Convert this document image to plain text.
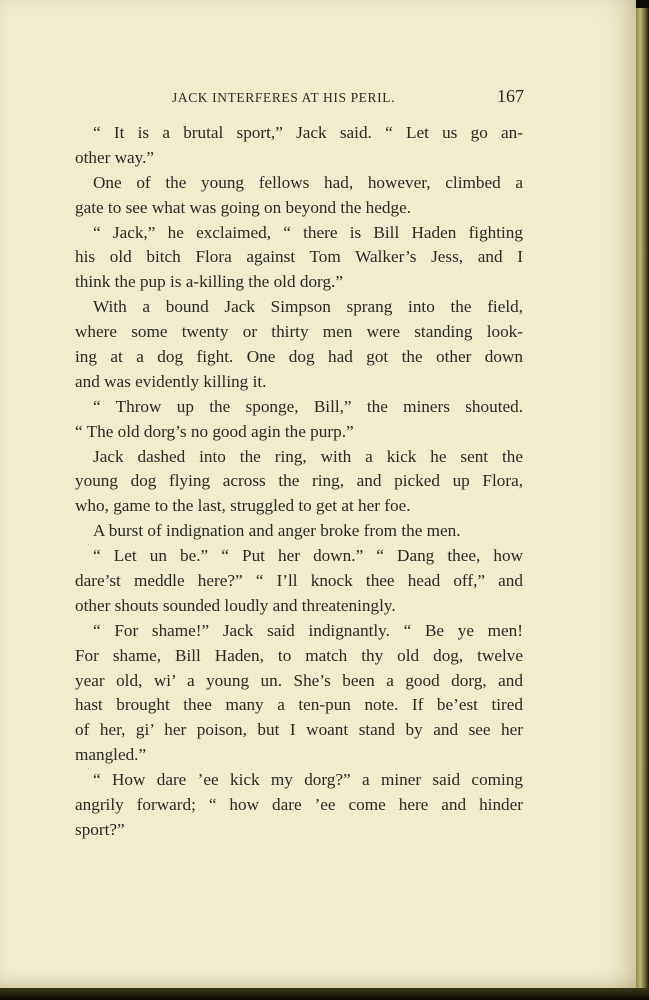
JACK INTERFERES AT HIS PERIL.	167
“ It is a brutal sport,” Jack said. “ Let us go an-
other way.”
One of the young fellows had, however, climbed a
gate to see what was going on beyond the hedge.
“ Jack,” he exclaimed, “ there is Bill Haden fighting
his old bitch Flora against Tom Walker’s Jess, and I
think the pup is a-killing the old dorg.”
With a bound Jack Simpson sprang into the field,
where some twenty or thirty men were standing look-
ing at a dog fight. One dog had got the other down
and was evidently killing it.
“ Throw up the sponge, Bill,” the miners shouted.
“ The old dorg’s no good agin the purp.”
Jack dashed into the ring, with a kick he sent the
young dog flying across the ring, and picked up Flora,
who, game to the last, struggled to get at her foe.
A burst of indignation and anger broke from the men.
“ Let un be.” “ Put her down.” “ Dang thee, how
dare’st meddle here?” “ I’ll knock thee head off,” and
other shouts sounded loudly and threateningly.
“ For shame!” Jack said indignantly. “ Be ye men!
For shame, Bill Haden, to match thy old dog, twelve
year old, wi’ a young un. She’s been a good dorg, and
hast brought thee many a ten-pun note. If be’est tired
of her, gi’ her poison, but I woant stand by and see her
mangled.”
“ How dare ’ee kick my dorg?” a miner said coming
angrily forward; “ how dare ’ee come here and hinder
sport?”
